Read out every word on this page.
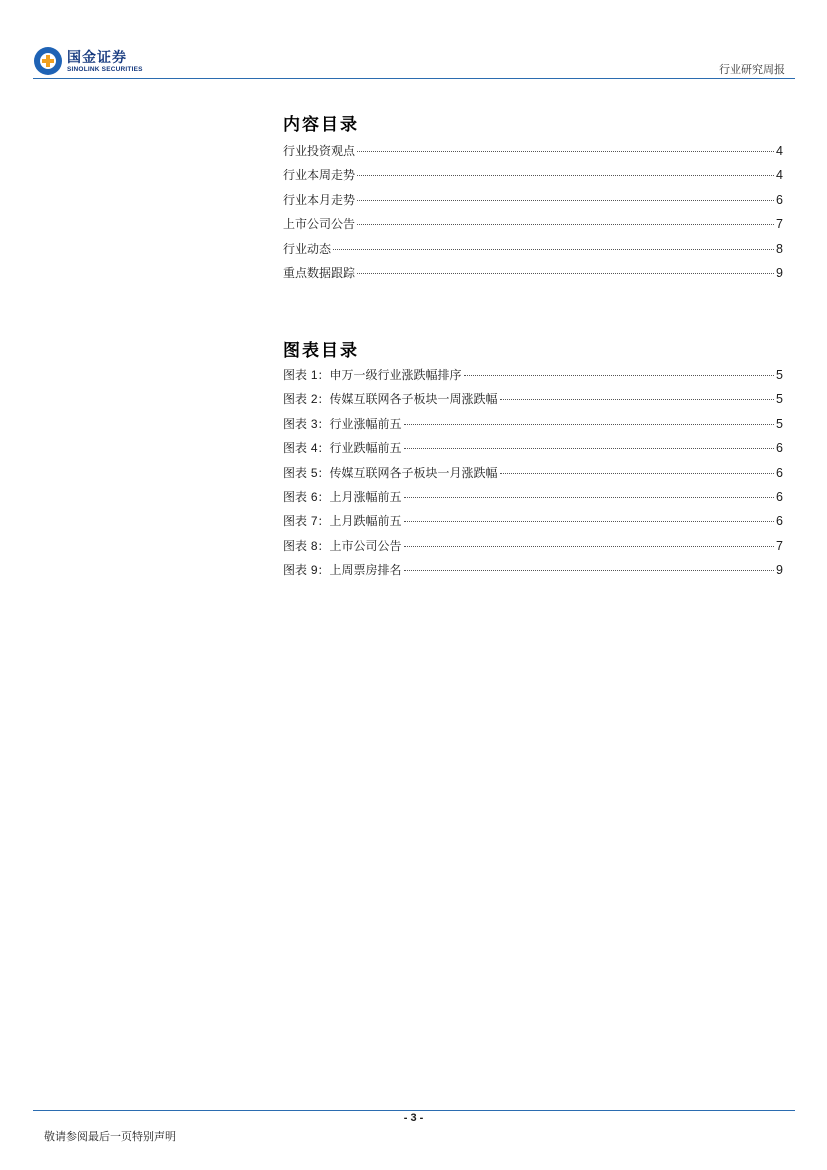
国金证券
SINOLINK SECURITIES	行业研究周报
内容目录
行业投资观点	4
行业本周走势	4
行业本月走势	6
上市公司公告	7
行业动态	8
重点数据跟踪	9
图表目录
图表 1：申万一级行业涨跌幅排序	5
图表 2：传媒互联网各子板块一周涨跌幅	5
图表 3：行业涨幅前五	5
图表 4：行业跌幅前五	6
图表 5：传媒互联网各子板块一月涨跌幅	6
图表 6：上月涨幅前五	6
图表 7：上月跌幅前五	6
图表 8：上市公司公告	7
图表 9：上周票房排名	9
- 3 -
敬请参阅最后一页特别声明
